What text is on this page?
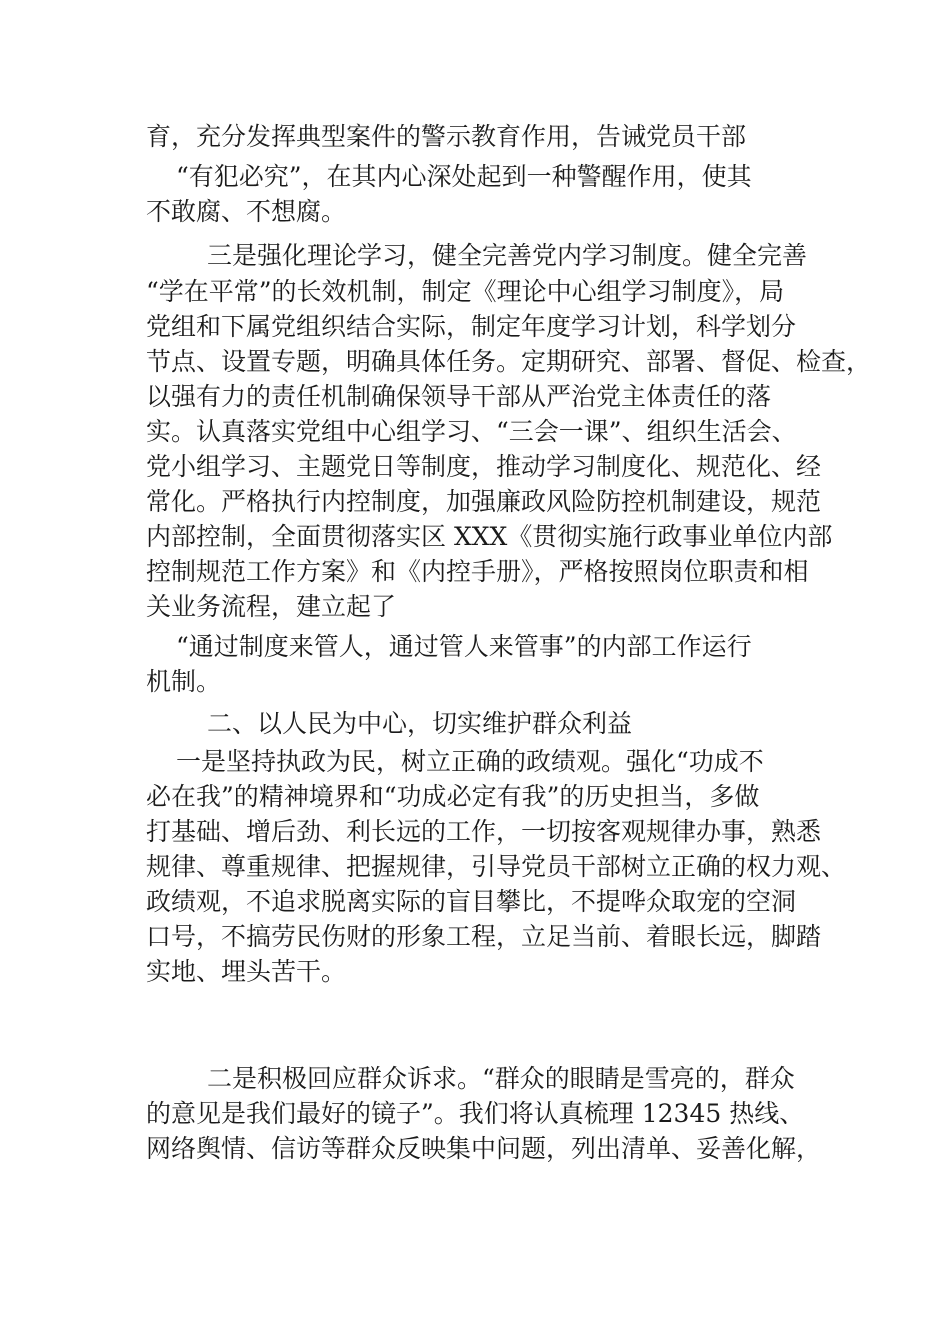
育，充分发挥典型案件的警示教育作用，告诫党员干部
“有犯必究”，在其内心深处起到一种警醒作用，使其
不敢腐、不想腐。
三是强化理论学习，健全完善党内学习制度。健全完善
“学在平常”的长效机制，制定《理论中心组学习制度》，局
党组和下属党组织结合实际，制定年度学习计划，科学划分
节点、设置专题，明确具体任务。定期研究、部署、督促、检查，
以强有力的责任机制确保领导干部从严治党主体责任的落
实。认真落实党组中心组学习、“三会一课”、组织生活会、
党小组学习、主题党日等制度，推动学习制度化、规范化、经
常化。严格执行内控制度，加强廉政风险防控机制建设，规范
内部控制，全面贯彻落实区 XXX《贯彻实施行政事业单位内部
控制规范工作方案》和《内控手册》，严格按照岗位职责和相
关业务流程，建立起了
“通过制度来管人，通过管人来管事”的内部工作运行
机制。
二、以人民为中心，切实维护群众利益
一是坚持执政为民，树立正确的政绩观。强化“功成不
必在我”的精神境界和“功成必定有我”的历史担当，多做
打基础、增后劲、利长远的工作，一切按客观规律办事，熟悉
规律、尊重规律、把握规律，引导党员干部树立正确的权力观、
政绩观，不追求脱离实际的盲目攀比，不提哗众取宠的空洞
口号，不搞劳民伤财的形象工程，立足当前、着眼长远，脚踏
实地、埋头苦干。
二是积极回应群众诉求。“群众的眼睛是雪亮的，群众
的意见是我们最好的镜子”。我们将认真梳理 12345 热线、
网络舆情、信访等群众反映集中问题，列出清单、妥善化解，
